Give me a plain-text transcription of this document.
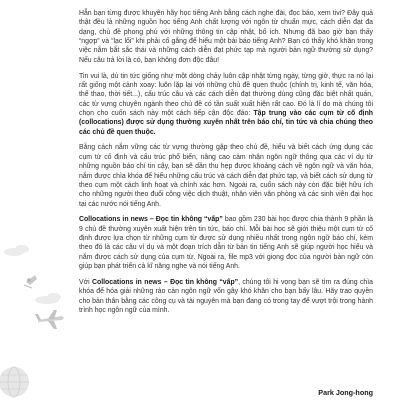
Hẳn bạn từng được khuyên hãy học tiếng Anh bằng cách nghe đài, đọc báo, xem tivi? Đây quả thật đều là những nguồn học tiếng Anh chất lượng với ngôn từ chuẩn mực, cách diễn đạt đa dạng, chủ đề phong phú với những thông tin cập nhật, bổ ích. Nhưng đã bao giờ bạn thấy “ngợp” và “lạc lối” khi phải cố gắng để hiểu một bài báo tiếng Anh? Bạn có thấy khó khăn trong việc nắm bắt sắc thái và những cách diễn đạt phức tạp mà người bản ngữ thường sử dụng? Nếu câu trả lời là có, bạn không đơn độc đâu!

Tin vui là, dù tin tức giống như một dòng chảy luôn cập nhật từng ngày, từng giờ, thực ra nó lại rất giống một cảnh xoay: luôn lặp lại với những chủ đề quen thuộc (chính trị, kinh tế, văn hóa, thể thao, thời tiết...), cấu trúc câu và các cách diễn đạt thường dùng cũng đặc biệt nhất quán, các từ vựng chuyên ngành theo chủ đề có tần suất xuất hiện rất cao. Đó là lí do mà chúng tôi chọn cho cuốn sách này một cách tiếp cận độc đáo: Tập trung vào các cụm từ cố định (collocations) được sử dụng thường xuyên nhất trên báo chí, tin tức và chia chúng theo các chủ đề quen thuộc.

Bằng cách nắm vững các từ vựng thường gặp theo chủ đề, hiểu và biết cách ứng dụng các cụm từ cố định và cấu trúc phổ biến, nâng cao cảm nhận ngôn ngữ thông qua các ví dụ từ những nguồn báo chí tin cậy, bạn sẽ dần thu hẹp được khoảng cách về ngôn ngữ và văn hóa, nắm được chìa khóa để hiểu những cấu trúc và cách diễn đạt phức tạp, và biết cách sử dụng từ theo cụm một cách linh hoạt và chính xác hơn. Ngoài ra, cuốn sách này còn đặc biệt hữu ích cho những người theo đuổi công việc dịch thuật, nhân viên văn phòng và các sinh viên đại học tại các nước nói tiếng Anh.

Collocations in news – Đọc tin không “vấp” bao gồm 230 bài học được chia thành 9 phần là 9 chủ đề thường xuyên xuất hiện trên tin tức, báo chí. Mỗi bài học sẽ giới thiệu một cụm từ cố định được lựa chọn từ những cụm từ được sử dụng nhiều nhất trong ngôn ngữ báo chí, kèm theo đó là các câu ví dụ và một đoạn trích dẫn từ bản tin tiếng Anh sẽ giúp người học hiểu và nắm được cách sử dụng của cụm từ. Ngoài ra, file mp3 với giọng đọc của người bản ngữ còn giúp bạn phát triển cả kĩ năng nghe và nói tiếng Anh.

Với Collocations in news – Đọc tin không “vấp”, chúng tôi hi vọng bạn sẽ tìm ra đúng chìa khóa để hóa giải những rào cản ngôn ngữ vốn gây khó khăn cho bạn bấy lâu. Hãy trao quyền cho bản thân bằng các công cụ và tài nguyên mà bạn đang có trong tay để vượt trội trong hành trình học ngôn ngữ của mình.

Park Jong-hong
